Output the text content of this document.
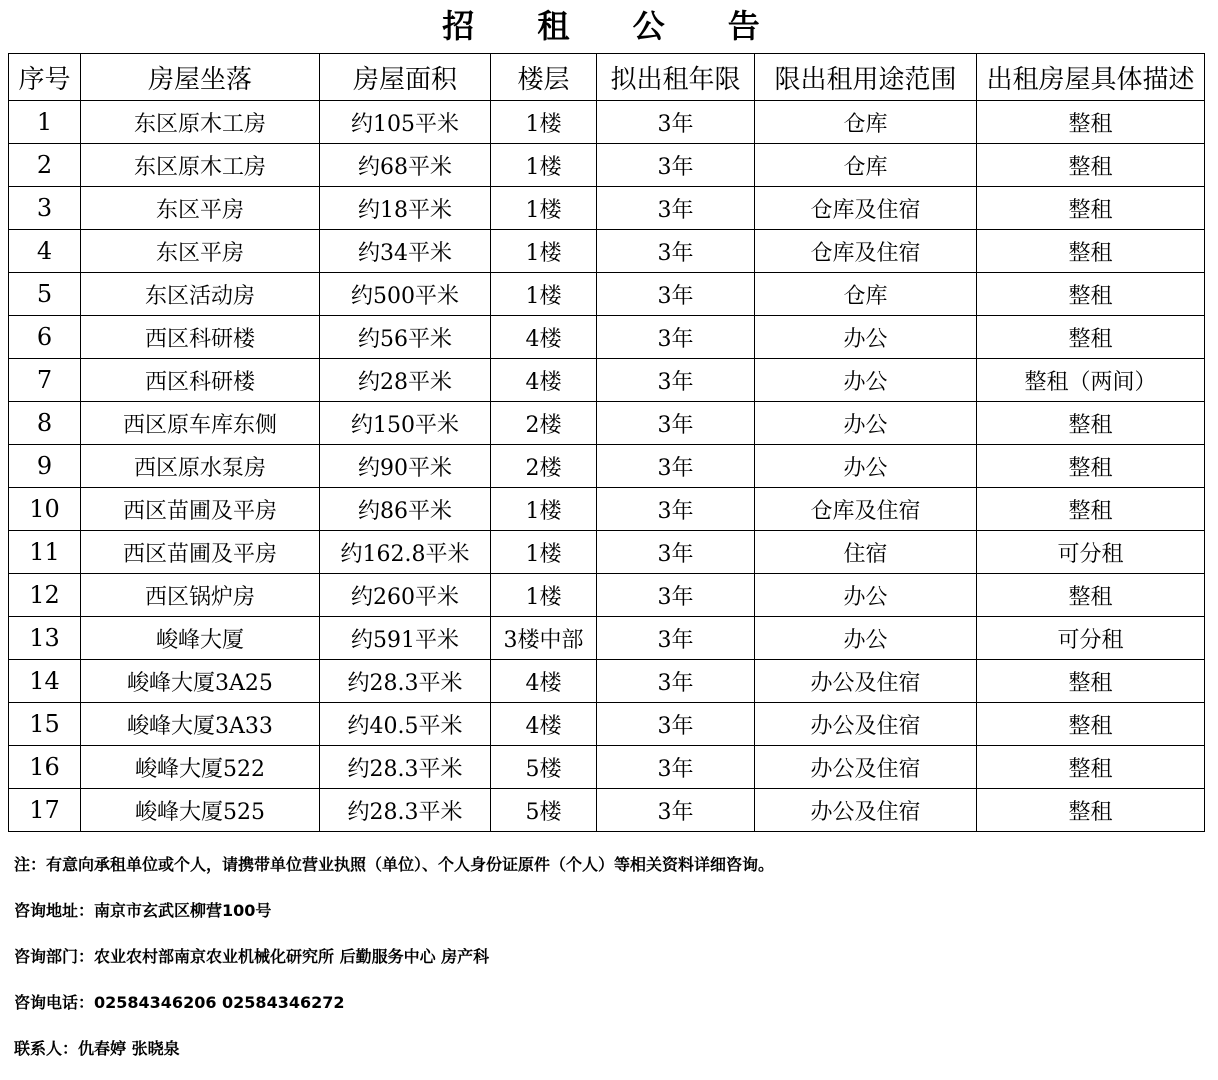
招 租 公 告
序号	房屋坐落	房屋面积	楼层	拟出租年限	限出租用途范围	出租房屋具体描述
1	东区原木工房	约105平米	1楼	3年	仓库	整租
2	东区原木工房	约68平米	1楼	3年	仓库	整租
3	东区平房	约18平米	1楼	3年	仓库及住宿	整租
4	东区平房	约34平米	1楼	3年	仓库及住宿	整租
5	东区活动房	约500平米	1楼	3年	仓库	整租
6	西区科研楼	约56平米	4楼	3年	办公	整租
7	西区科研楼	约28平米	4楼	3年	办公	整租（两间）
8	西区原车库东侧	约150平米	2楼	3年	办公	整租
9	西区原水泵房	约90平米	2楼	3年	办公	整租
10	西区苗圃及平房	约86平米	1楼	3年	仓库及住宿	整租
11	西区苗圃及平房	约162.8平米	1楼	3年	住宿	可分租
12	西区锅炉房	约260平米	1楼	3年	办公	整租
13	峻峰大厦	约591平米	3楼中部	3年	办公	可分租
14	峻峰大厦3A25	约28.3平米	4楼	3年	办公及住宿	整租
15	峻峰大厦3A33	约40.5平米	4楼	3年	办公及住宿	整租
16	峻峰大厦522	约28.3平米	5楼	3年	办公及住宿	整租
17	峻峰大厦525	约28.3平米	5楼	3年	办公及住宿	整租
注：有意向承租单位或个人，请携带单位营业执照（单位）、个人身份证原件（个人）等相关资料详细咨询。
咨询地址：南京市玄武区柳营100号
咨询部门：农业农村部南京农业机械化研究所 后勤服务中心 房产科
咨询电话：02584346206 02584346272
联系人：仇春婷 张晓泉
